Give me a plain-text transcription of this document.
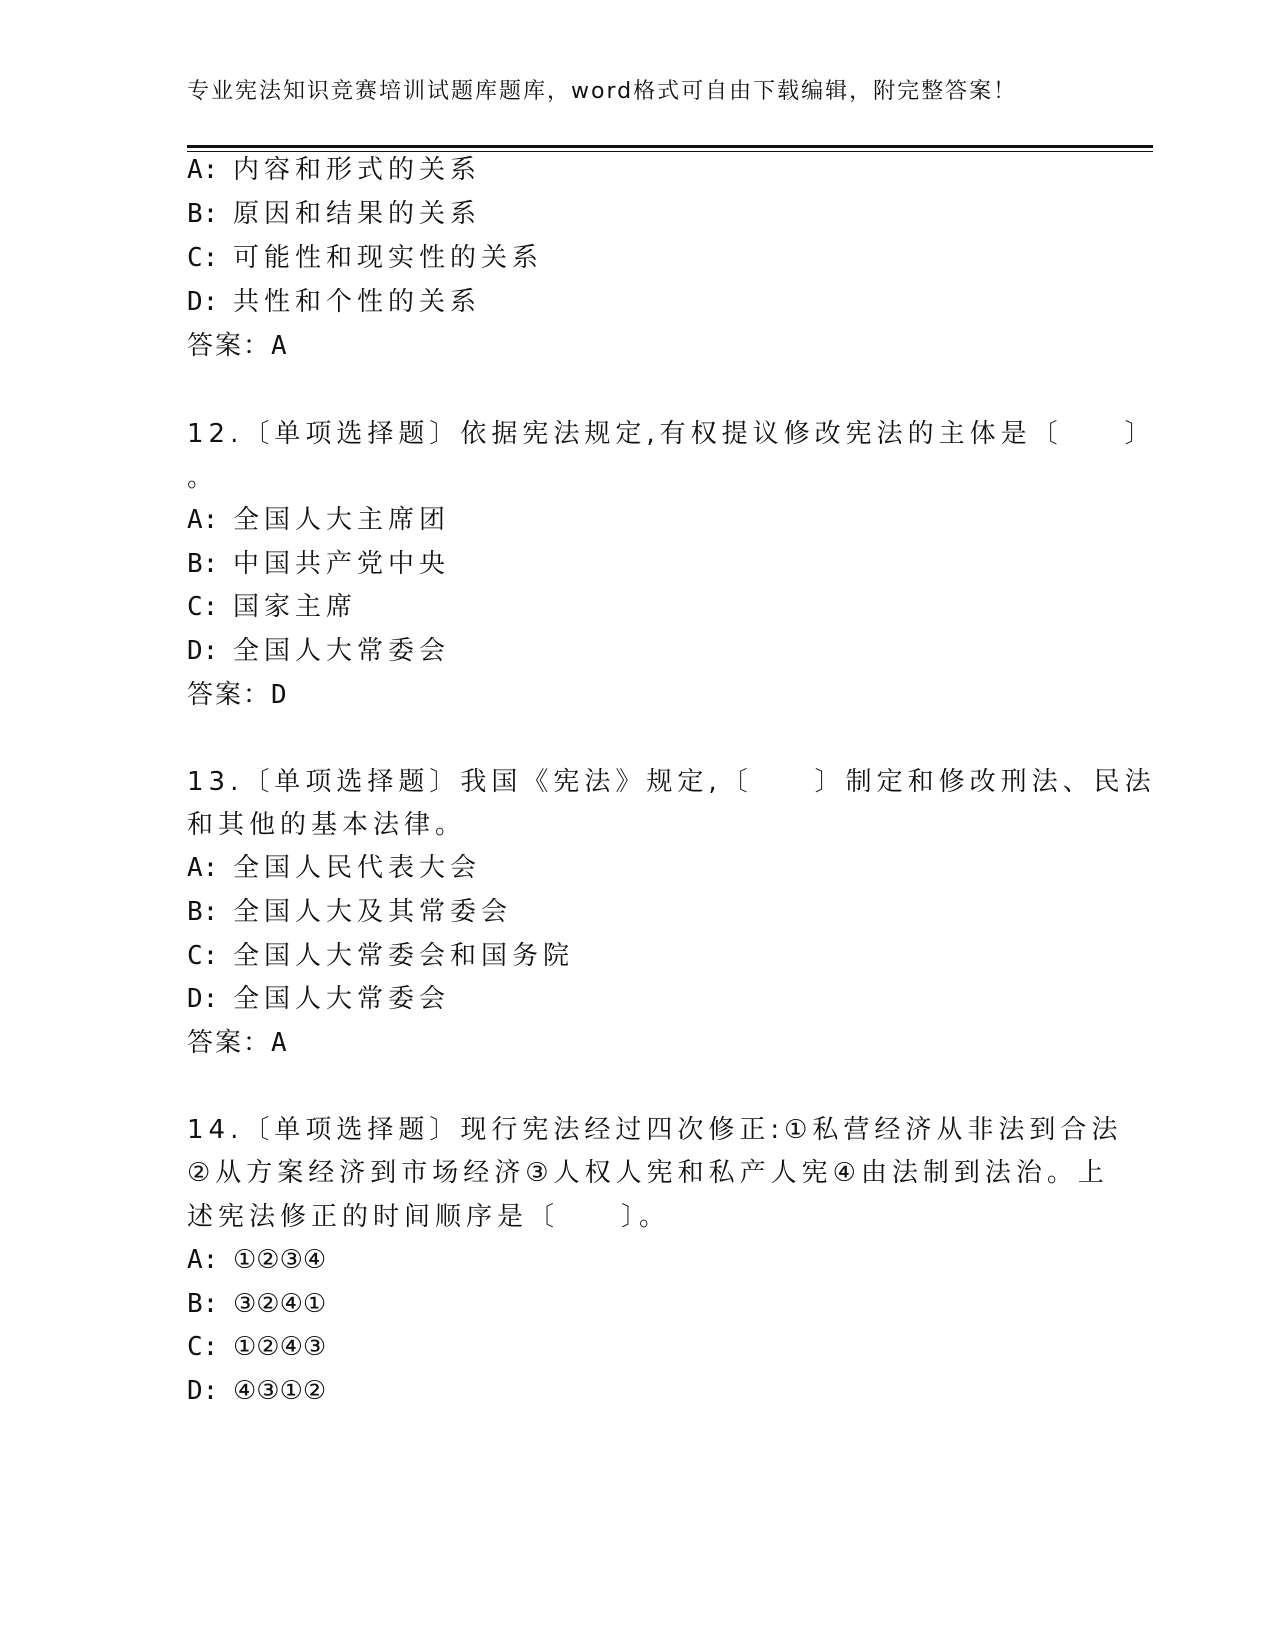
专业宪法知识竞赛培训试题库题库，word格式可自由下载编辑，附完整答案！
A: 内容和形式的关系
B: 原因和结果的关系
C: 可能性和现实性的关系
D: 共性和个性的关系
答案：A
12.〔单项选择题〕依据宪法规定,有权提议修改宪法的主体是〔　　〕
。
A: 全国人大主席团
B: 中国共产党中央
C: 国家主席
D: 全国人大常委会
答案：D
13.〔单项选择题〕我国《宪法》规定,〔　　〕制定和修改刑法、民法
和其他的基本法律。
A: 全国人民代表大会
B: 全国人大及其常委会
C: 全国人大常委会和国务院
D: 全国人大常委会
答案：A
14.〔单项选择题〕现行宪法经过四次修正:①私营经济从非法到合法
②从方案经济到市场经济③人权人宪和私产人宪④由法制到法治。上
述宪法修正的时间顺序是〔　　〕。
A: ①②③④
B: ③②④①
C: ①②④③
D: ④③①②
